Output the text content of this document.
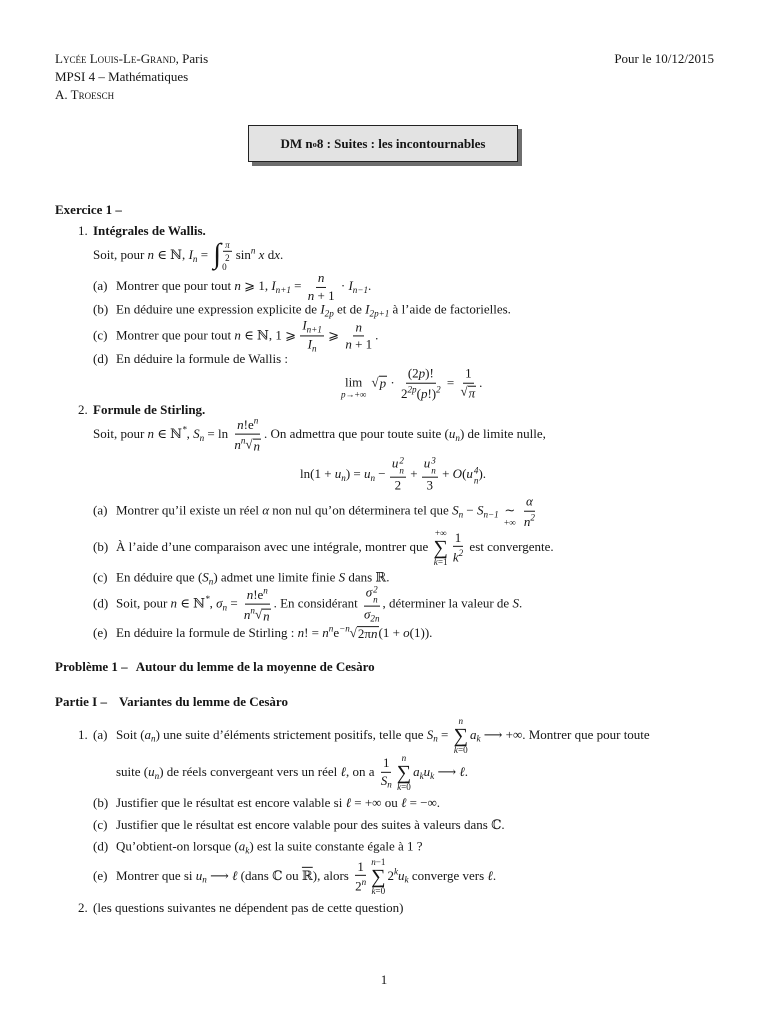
Lycée Louis-Le-Grand, Paris
MPSI 4 – Mathématiques
A. Troesch
Pour le 10/12/2015
DM n o 8 : Suites : les incontournables
Exercice 1 –
1. Intégrales de Wallis.
Soit, pour n ∈ ℕ, $I_n$ = ∫ $\frac{\pi}{2}$
0
$\sin^n x$ dx.
(a) Montrer que pour tout n ⩾ 1, $I_{n+1} = \frac{n}{n + 1} \cdot I_{n-1}$.
(b) En déduire une expression explicite de $I_{2p}$ et de $I_{2p+1}$ à l’aide de factorielles.
(c) Montrer que pour tout n ∈ ℕ, 1 ⩾ $\frac{I_{n+1}}{I_n}$ ⩾ $\frac{n}{n + 1}$ .
(d) En déduire la formule de Wallis :
lim
p→+∞

√
$p \cdot \frac{(2p)!}{2^{2p}(p!)^2} = 1$
√
π .
2. Formule de Stirling.
Soit, pour n ∈ ℕ*, $S_n = \ln \frac{n!e^n}{n^n √ n}$ . On admettra que pour toute suite $(u_n)$ de limite nulle,
$\ln(1 + u_n) = u_n - u$ 2
n
2 + u 3
n
3 + O(u 4
n ).
(a) Montrer qu’il existe un réel α non nul qu’on déterminera tel que $S_n - S_{n-1}$ ∼
+∞
$\frac{\alpha}{n^2}$
(b) À l’aide d’une comparaison avec une intégrale, montrer que
+∞
∑
$k=1 \frac{1}{k^2}$ est convergente.
(c) En déduire que $(S_n)$ admet une limite finie S dans ℝ.
(d) Soit, pour n ∈ ℕ*, $\sigma_n = \frac{n!e^n}{n^n √ n}$ . En considérant σ 2
n
$\sigma_{2n}$ , déterminer la valeur de S.
(e) En déduire la formule de Stirling : n! = $n^ne^{-n}$ √ 2πn (1 + o(1)).
Problème 1 – Autour du lemme de la moyenne de Cesàro
Partie I – Variantes du lemme de Cesàro
1. (a) Soit $(a_n)$ une suite d’éléments strictement positifs, telle que $S_n$ =
n
∑
k=0
$a_k$ ⟶ +∞. Montrer que pour toute
suite $(u_n)$ de réels convergeant vers un réel ℓ, on a $\frac{1}{S_n}$ n
∑
k=0
$a_ku_k$ ⟶ ℓ.
(b) Justifier que le résultat est encore valable si ℓ = +∞ ou ℓ = −∞.
(c) Justifier que le résultat est encore valable pour des suites à valeurs dans ℂ.
(d) Qu’obtient-on lorsque $(a_k)$ est la suite constante égale à 1 ?
(e) Montrer que si $u_n$ ⟶ ℓ (dans ℂ ou ℝ), alors $\frac{1}{2^n} n-1$
∑
k=0
$2^ku_k$ converge vers ℓ.
2. (les questions suivantes ne dépendent pas de cette question)
1
